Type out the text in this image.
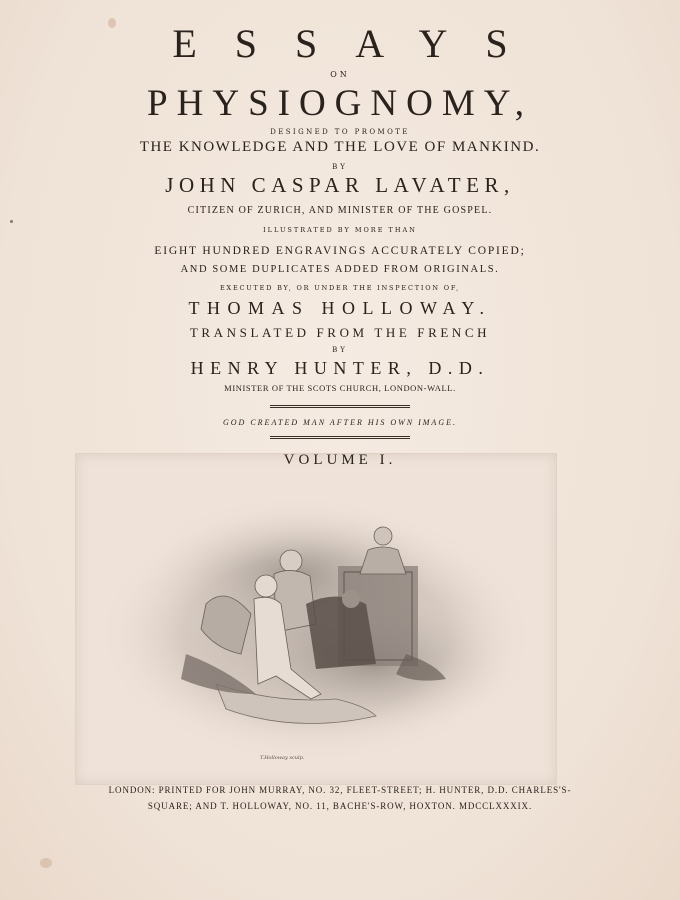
ESSAYS
ON
PHYSIOGNOMY,
DESIGNED TO PROMOTE
THE KNOWLEDGE AND THE LOVE OF MANKIND.
BY
JOHN CASPAR LAVATER,
CITIZEN OF ZURICH, AND MINISTER OF THE GOSPEL.
ILLUSTRATED BY MORE THAN
EIGHT HUNDRED ENGRAVINGS ACCURATELY COPIED;
AND SOME DUPLICATES ADDED FROM ORIGINALS.
EXECUTED BY, OR UNDER THE INSPECTION OF,
THOMAS HOLLOWAY.
TRANSLATED FROM THE FRENCH
BY
HENRY HUNTER, D.D.
MINISTER OF THE SCOTS CHURCH, LONDON-WALL.
GOD CREATED MAN AFTER HIS OWN IMAGE.
T.Holloway sculp.
VOLUME I.
LONDON: PRINTED FOR JOHN MURRAY, NO. 32, FLEET-STREET; H. HUNTER, D.D. CHARLES'S-
SQUARE; AND T. HOLLOWAY, NO. 11, BACHE'S-ROW, HOXTON. MDCCLXXXIX.
